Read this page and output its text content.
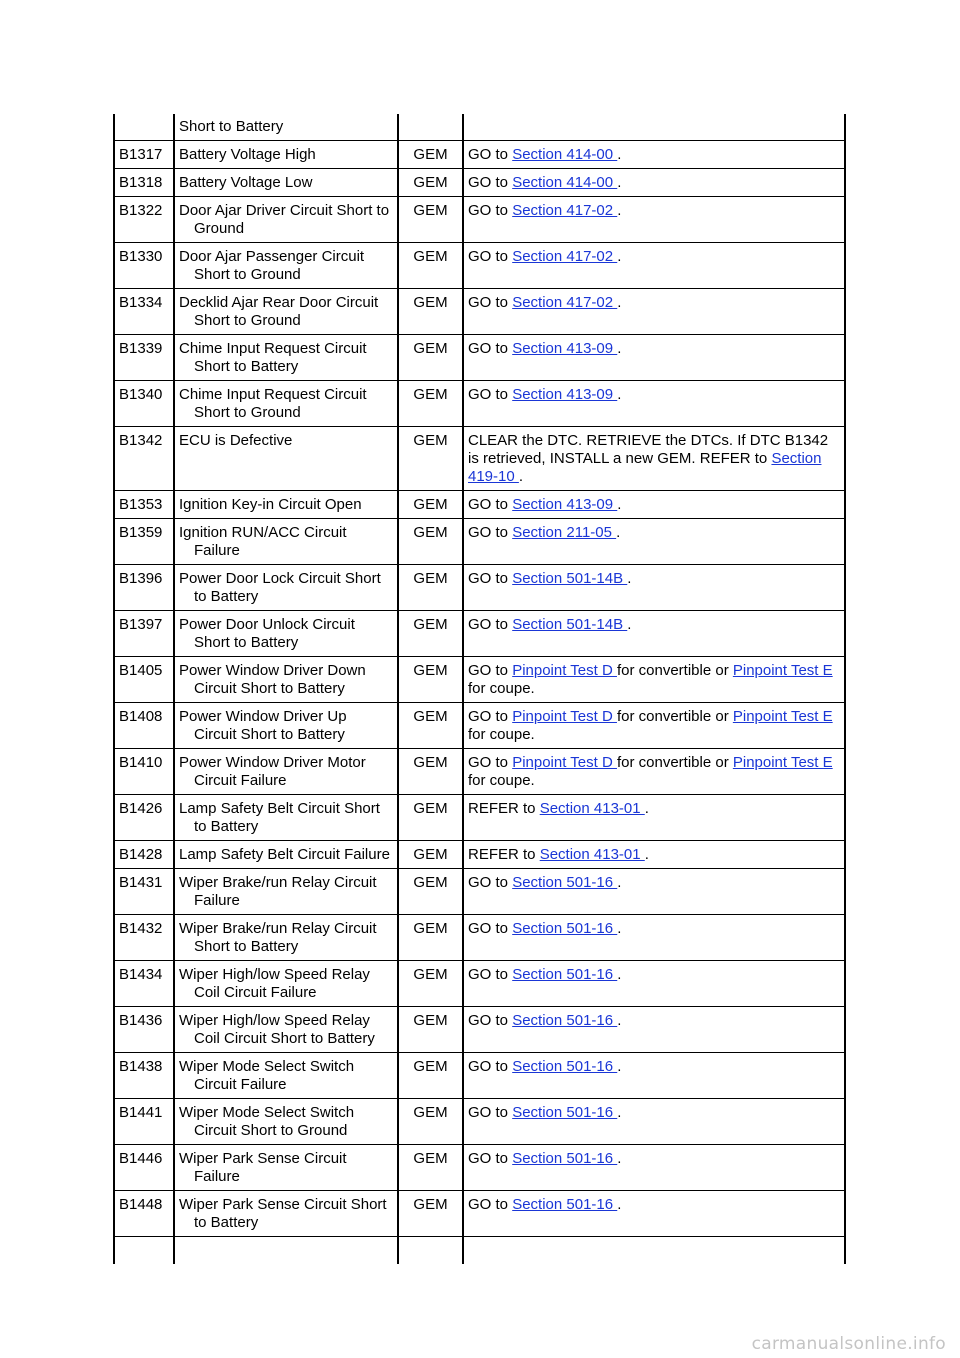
	Short to Battery		

B1317	Battery Voltage High	GEM	GO to Section 414-00 .
B1318	Battery Voltage Low	GEM	GO to Section 414-00 .
B1322	Door Ajar Driver Circuit Short to Ground	GEM	GO to Section 417-02 .
B1330	Door Ajar Passenger Circuit Short to Ground	GEM	GO to Section 417-02 .
B1334	Decklid Ajar Rear Door Circuit Short to Ground	GEM	GO to Section 417-02 .
B1339	Chime Input Request Circuit Short to Battery	GEM	GO to Section 413-09 .
B1340	Chime Input Request Circuit Short to Ground	GEM	GO to Section 413-09 .
B1342	ECU is Defective	GEM	CLEAR the DTC. RETRIEVE the DTCs. If DTC B1342 is retrieved, INSTALL a new GEM. REFER to Section 419-10 .
B1353	Ignition Key-in Circuit Open	GEM	GO to Section 413-09 .
B1359	Ignition RUN/ACC Circuit Failure	GEM	GO to Section 211-05 .
B1396	Power Door Lock Circuit Short to Battery	GEM	GO to Section 501-14B .
B1397	Power Door Unlock Circuit Short to Battery	GEM	GO to Section 501-14B .
B1405	Power Window Driver Down Circuit Short to Battery	GEM	GO to Pinpoint Test D for convertible or Pinpoint Test E for coupe.
B1408	Power Window Driver Up Circuit Short to Battery	GEM	GO to Pinpoint Test D for convertible or Pinpoint Test E for coupe.
B1410	Power Window Driver Motor Circuit Failure	GEM	GO to Pinpoint Test D for convertible or Pinpoint Test E for coupe.
B1426	Lamp Safety Belt Circuit Short to Battery	GEM	REFER to Section 413-01 .
B1428	Lamp Safety Belt Circuit Failure	GEM	REFER to Section 413-01 .
B1431	Wiper Brake/run Relay Circuit Failure	GEM	GO to Section 501-16 .
B1432	Wiper Brake/run Relay Circuit Short to Battery	GEM	GO to Section 501-16 .
B1434	Wiper High/low Speed Relay Coil Circuit Failure	GEM	GO to Section 501-16 .
B1436	Wiper High/low Speed Relay Coil Circuit Short to Battery	GEM	GO to Section 501-16 .
B1438	Wiper Mode Select Switch Circuit Failure	GEM	GO to Section 501-16 .
B1441	Wiper Mode Select Switch Circuit Short to Ground	GEM	GO to Section 501-16 .
B1446	Wiper Park Sense Circuit Failure	GEM	GO to Section 501-16 .
B1448	Wiper Park Sense Circuit Short to Battery	GEM	GO to Section 501-16 .

carmanualsonline.info
